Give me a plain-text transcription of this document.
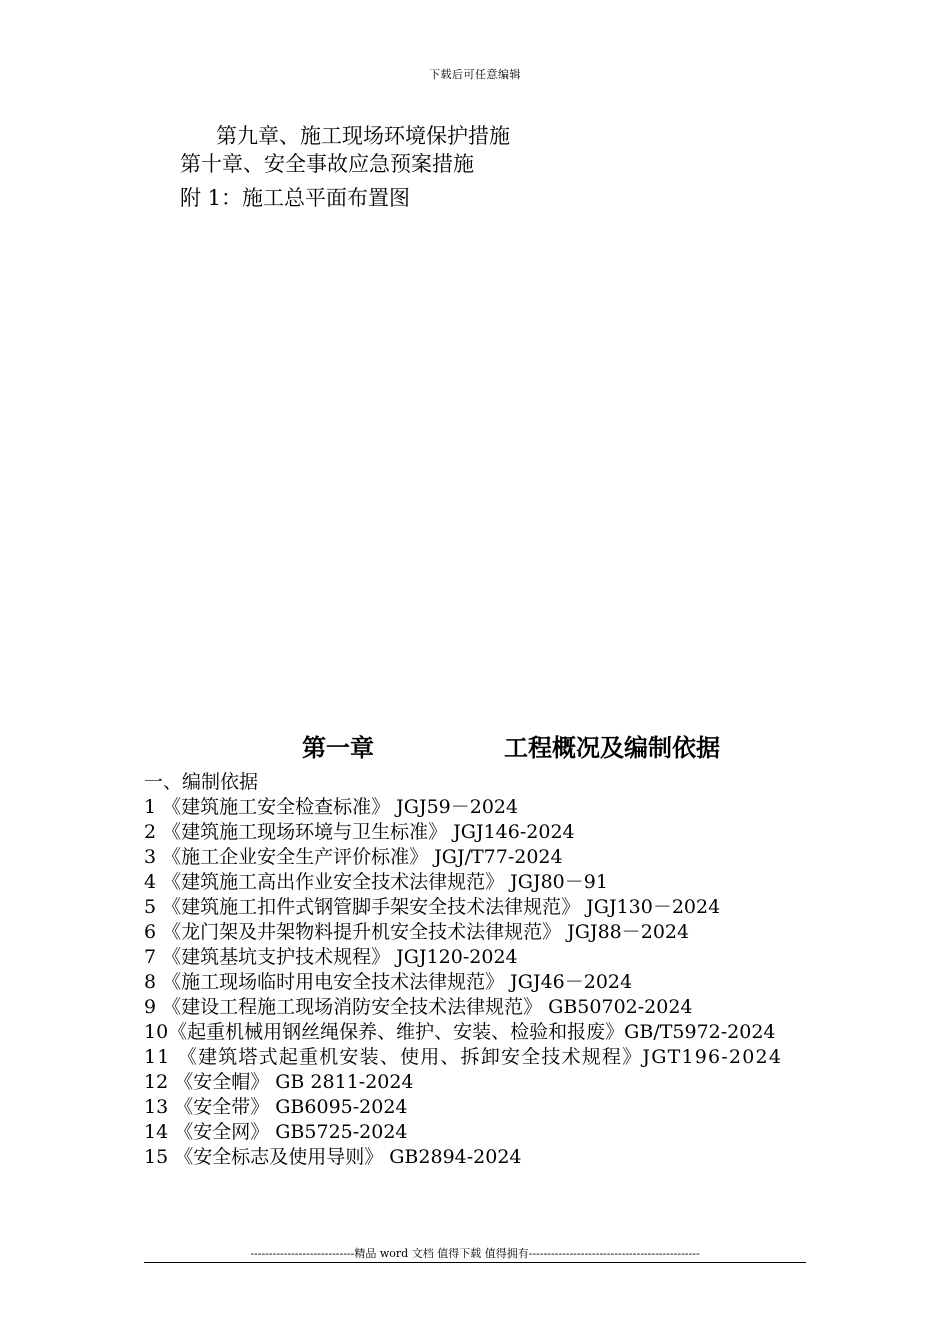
下载后可任意编辑
第九章、施工现场环境保护措施
第十章、安全事故应急预案措施
附 1：施工总平面布置图
第一章	工程概况及编制依据
一、编制依据
1 《建筑施工安全检查标准》 JGJ59－2024
2 《建筑施工现场环境与卫生标准》 JGJ146-2024
3 《施工企业安全生产评价标准》 JGJ/T77-2024
4 《建筑施工高出作业安全技术法律规范》 JGJ80－91
5 《建筑施工扣件式钢管脚手架安全技术法律规范》 JGJ130－2024
6 《龙门架及井架物料提升机安全技术法律规范》 JGJ88－2024
7 《建筑基坑支护技术规程》 JGJ120-2024
8 《施工现场临时用电安全技术法律规范》 JGJ46－2024
9 《建设工程施工现场消防安全技术法律规范》 GB50702-2024
10《起重机械用钢丝绳保养、维护、安装、检验和报废》GB/T5972-2024
11 《建筑塔式起重机安装、使用、拆卸安全技术规程》JGT196-2024
12 《安全帽》 GB 2811-2024
13 《安全带》 GB6095-2024
14 《安全网》 GB5725-2024
15 《安全标志及使用导则》 GB2894-2024
----------------------------精品 word 文档 值得下载 值得拥有----------------------------------------------
